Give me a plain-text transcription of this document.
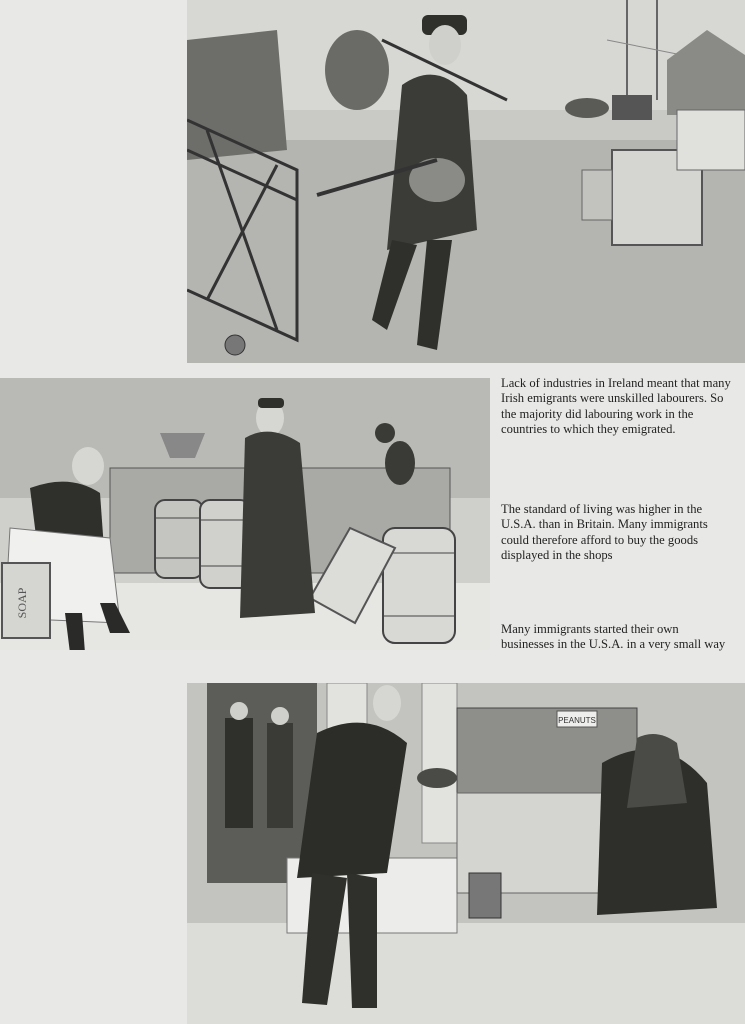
SOAP

Lack of industries in Ireland meant that many Irish emigrants were unskilled labourers. So the majority did labouring work in the countries to which they emigrated.

The standard of living was higher in the U.S.A. than in Britain. Many immigrants could therefore afford to buy the goods displayed in the shops

Many immigrants started their own businesses in the U.S.A. in a very small way

PEANUTS
